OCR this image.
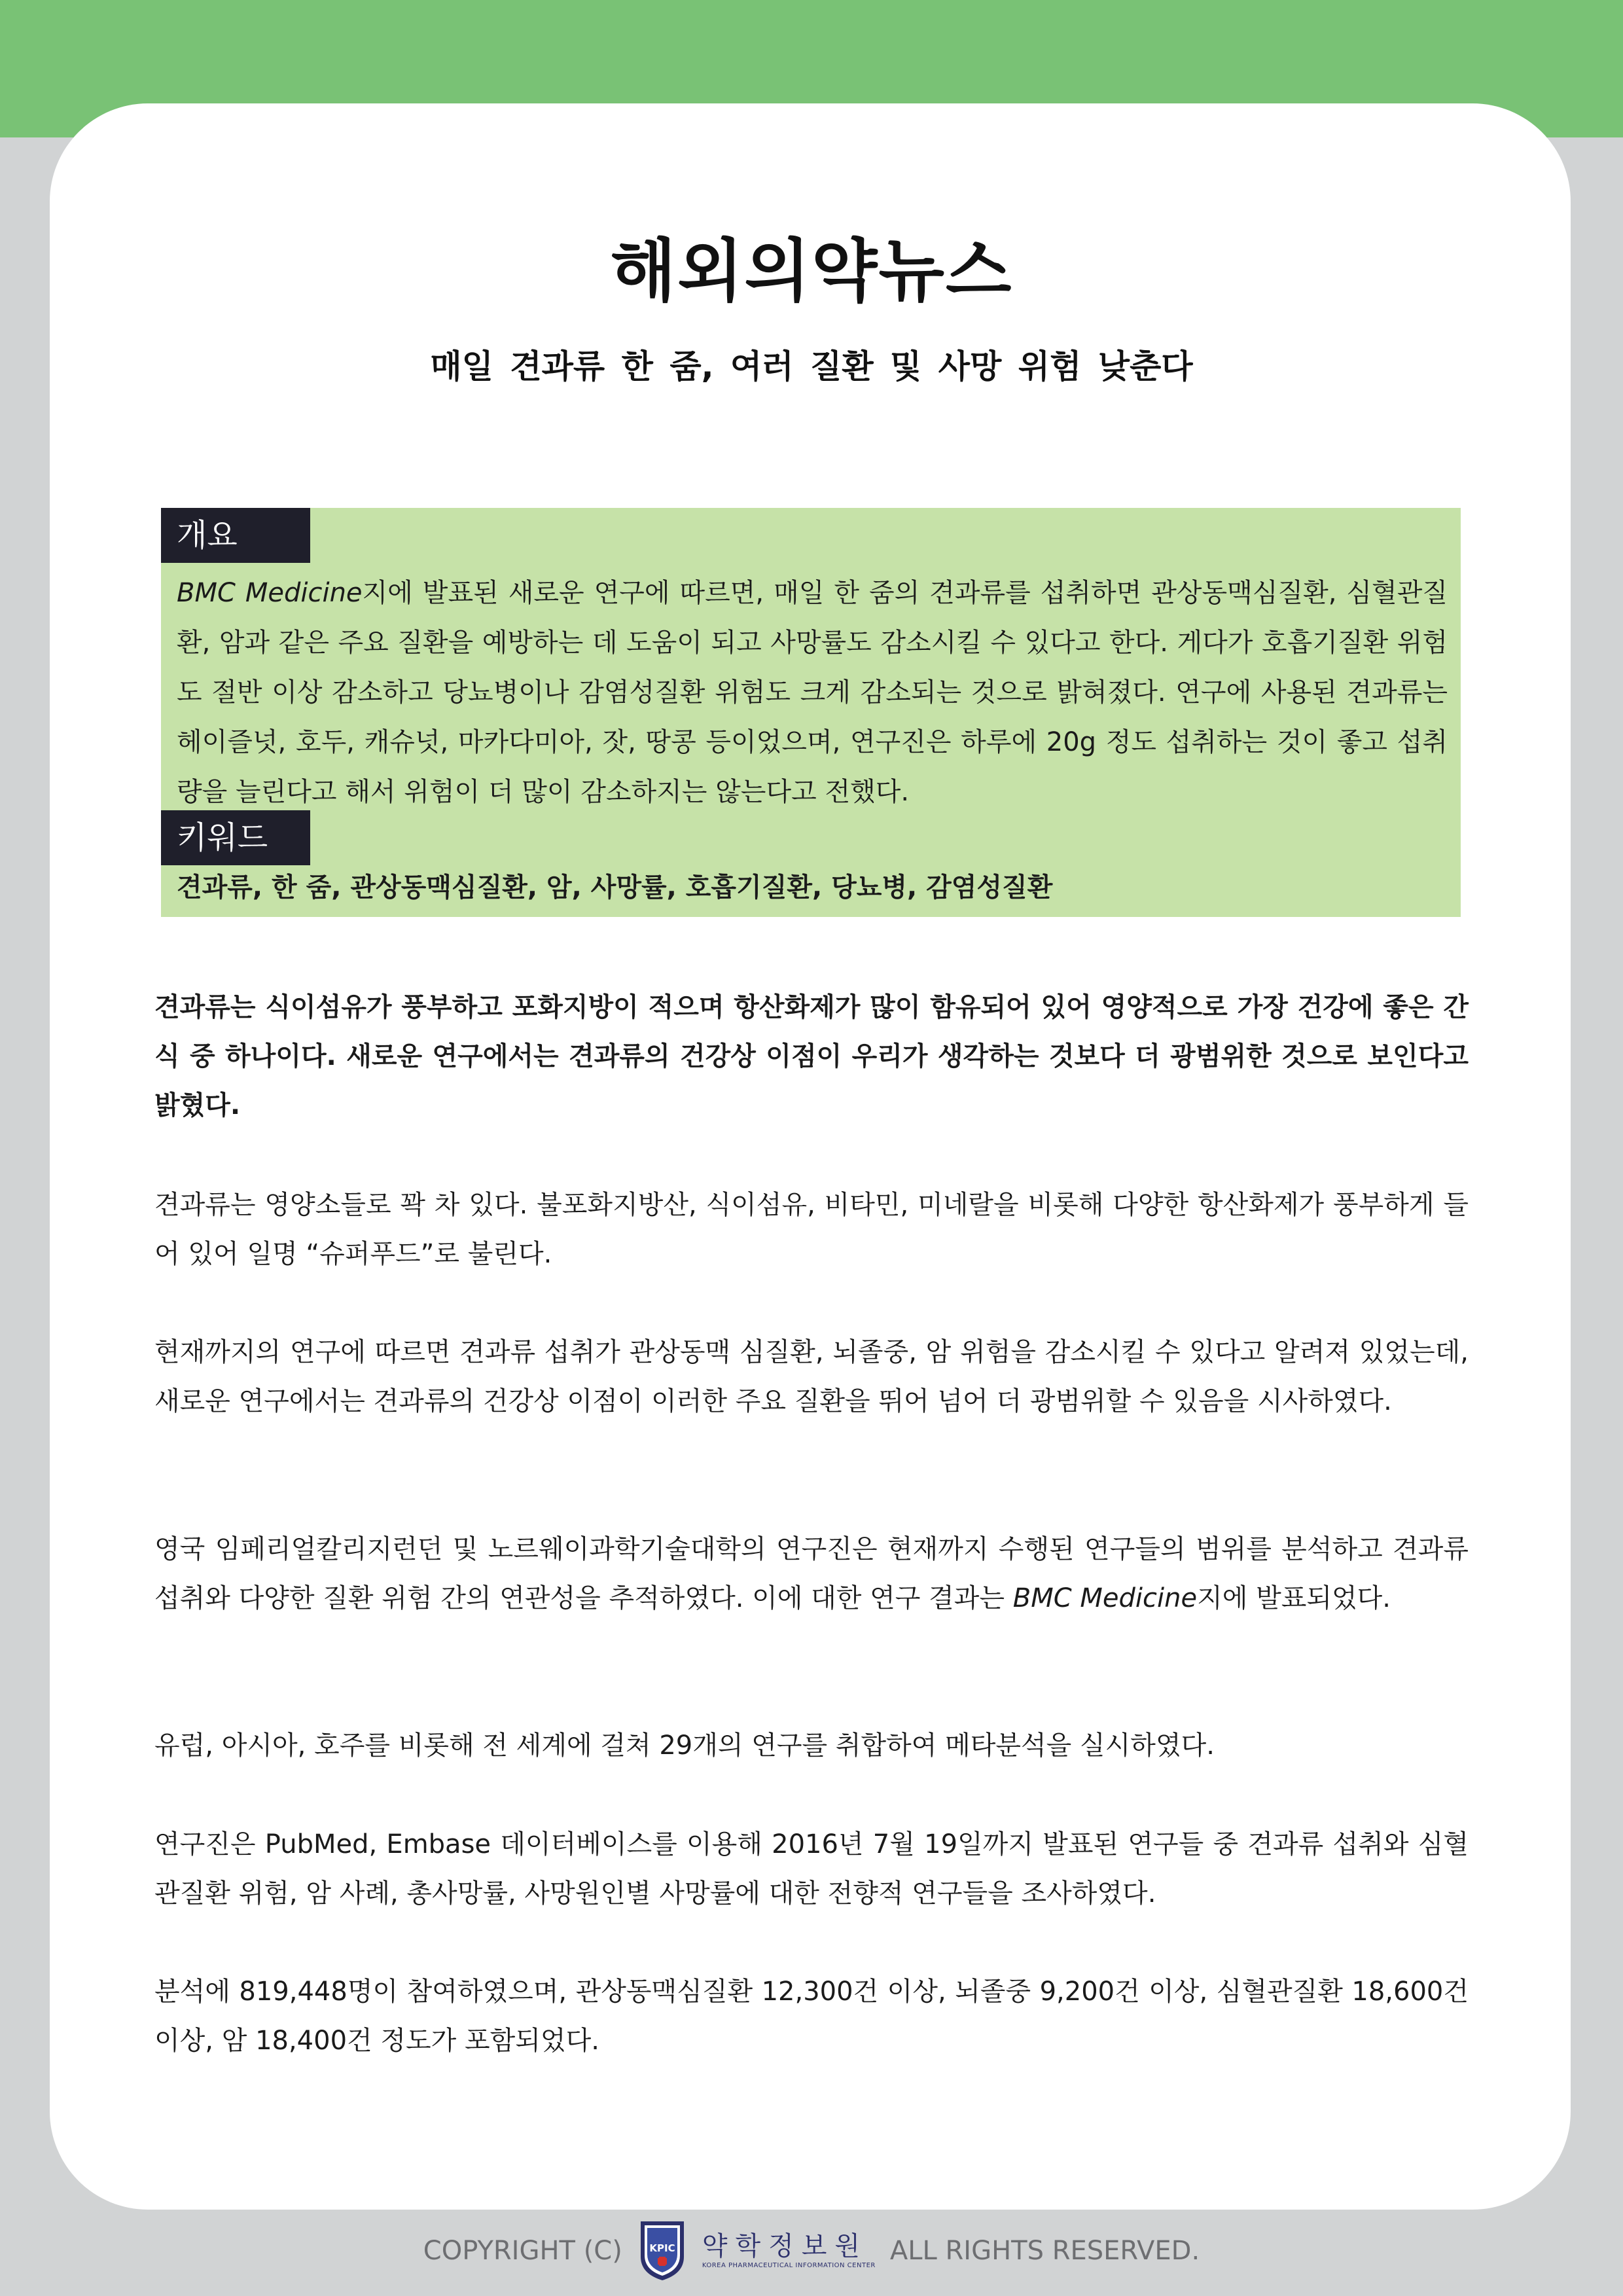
해외의약뉴스
매일 견과류 한 줌, 여러 질환 및 사망 위험 낮춘다
개요

BMC Medicine지에 발표된 새로운 연구에 따르면, 매일 한 줌의 견과류를 섭취하면 관상동맥심질환, 심혈관질환, 암과 같은 주요 질환을 예방하는 데 도움이 되고 사망률도 감소시킬 수 있다고 한다. 게다가 호흡기질환 위험도 절반 이상 감소하고 당뇨병이나 감염성질환 위험도 크게 감소되는 것으로 밝혀졌다. 연구에 사용된 견과류는 헤이즐넛, 호두, 캐슈넛, 마카다미아, 잣, 땅콩 등이었으며, 연구진은 하루에 20g 정도 섭취하는 것이 좋고 섭취량을 늘린다고 해서 위험이 더 많이 감소하지는 않는다고 전했다.

키워드

견과류, 한 줌, 관상동맥심질환, 암, 사망률, 호흡기질환, 당뇨병, 감염성질환

견과류는 식이섬유가 풍부하고 포화지방이 적으며 항산화제가 많이 함유되어 있어 영양적으로 가장 건강에 좋은 간식 중 하나이다. 새로운 연구에서는 견과류의 건강상 이점이 우리가 생각하는 것보다 더 광범위한 것으로 보인다고 밝혔다.

견과류는 영양소들로 꽉 차 있다. 불포화지방산, 식이섬유, 비타민, 미네랄을 비롯해 다양한 항산화제가 풍부하게 들어 있어 일명 “슈퍼푸드”로 불린다.

현재까지의 연구에 따르면 견과류 섭취가 관상동맥 심질환, 뇌졸중, 암 위험을 감소시킬 수 있다고 알려져 있었는데, 새로운 연구에서는 견과류의 건강상 이점이 이러한 주요 질환을 뛰어 넘어 더 광범위할 수 있음을 시사하였다.

영국 임페리얼칼리지런던 및 노르웨이과학기술대학의 연구진은 현재까지 수행된 연구들의 범위를 분석하고 견과류 섭취와 다양한 질환 위험 간의 연관성을 추적하였다. 이에 대한 연구 결과는 BMC Medicine지에 발표되었다.

유럽, 아시아, 호주를 비롯해 전 세계에 걸쳐 29개의 연구를 취합하여 메타분석을 실시하였다.

연구진은 PubMed, Embase 데이터베이스를 이용해 2016년 7월 19일까지 발표된 연구들 중 견과류 섭취와 심혈관질환 위험, 암 사례, 총사망률, 사망원인별 사망률에 대한 전향적 연구들을 조사하였다.

분석에 819,448명이 참여하였으며, 관상동맥심질환 12,300건 이상, 뇌졸중 9,200건 이상, 심혈관질환 18,600건 이상, 암 18,400건 정도가 포함되었다.

COPYRIGHT (C)	KPIC 약학정보원
KOREA PHARMACEUTICAL INFORMATION CENTER ALL RIGHTS RESERVED.
